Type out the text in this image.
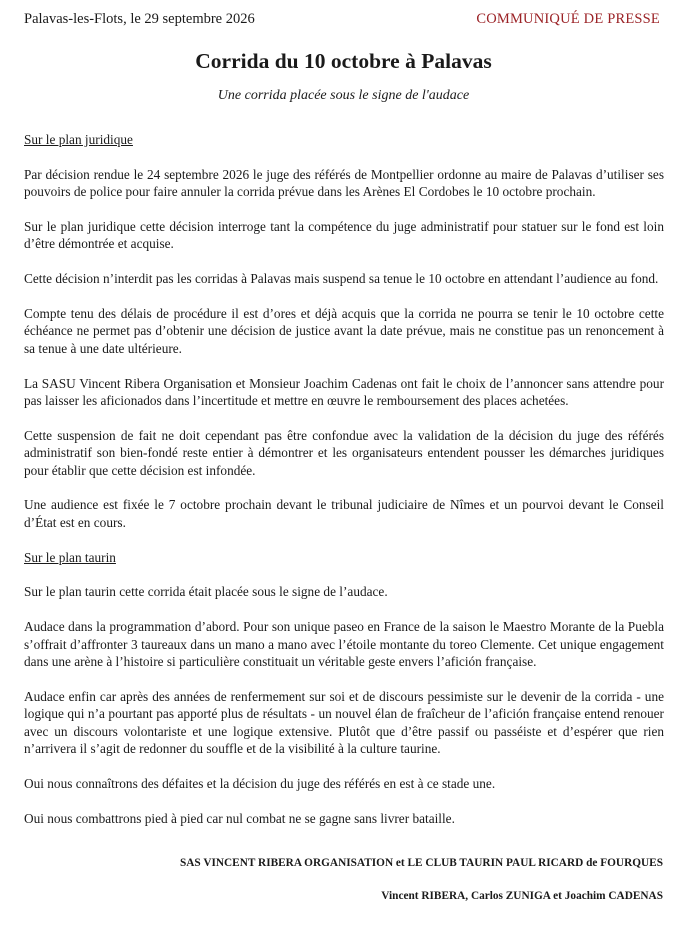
Palavas-les-Flots, le 29 septembre 2026	COMMUNIQUÉ DE PRESSE
Corrida du 10 octobre à Palavas
Une corrida placée sous le signe de l'audace

Sur le plan juridique

Par décision rendue le 24 septembre 2026 le juge des référés de Montpellier ordonne au maire de Palavas d’utiliser ses pouvoirs de police pour faire annuler la corrida prévue dans les Arènes El Cordobes le 10 octobre prochain.

Sur le plan juridique cette décision interroge tant la compétence du juge administratif pour statuer sur le fond est loin d’être démontrée et acquise.

Cette décision n’interdit pas les corridas à Palavas mais suspend sa tenue le 10 octobre en attendant l’audience au fond.

Compte tenu des délais de procédure il est d’ores et déjà acquis que la corrida ne pourra se tenir le 10 octobre cette échéance ne permet pas d’obtenir une décision de justice avant la date prévue, mais ne constitue pas un renoncement à sa tenue à une date ultérieure.

La SASU Vincent Ribera Organisation et Monsieur Joachim Cadenas ont fait le choix de l’annoncer sans attendre pour pas laisser les aficionados dans l’incertitude et mettre en œuvre le remboursement des places achetées.

Cette suspension de fait ne doit cependant pas être confondue avec la validation de la décision du juge des référés administratif son bien-fondé reste entier à démontrer et les organisateurs entendent pousser les démarches juridiques pour établir que cette décision est infondée.

Une audience est fixée le 7 octobre prochain devant le tribunal judiciaire de Nîmes et un pourvoi devant le Conseil d’État est en cours.

Sur le plan taurin

Sur le plan taurin cette corrida était placée sous le signe de l’audace.

Audace dans la programmation d’abord. Pour son unique paseo en France de la saison le Maestro Morante de la Puebla s’offrait d’affronter 3 taureaux dans un mano a mano avec l’étoile montante du toreo Clemente. Cet unique engagement dans une arène à l’histoire si particulière constituait un véritable geste envers l’afición française.

Audace enfin car après des années de renfermement sur soi et de discours pessimiste sur le devenir de la corrida - une logique qui n’a pourtant pas apporté plus de résultats - un nouvel élan de fraîcheur de l’afición française entend renouer avec un discours volontariste et une logique extensive. Plutôt que d’être passif ou passéiste et d’espérer que rien n’arrivera il s’agit de redonner du souffle et de la visibilité à la culture taurine.

Oui nous connaîtrons des défaites et la décision du juge des référés en est à ce stade une.

Oui nous combattrons pied à pied car nul combat ne se gagne sans livrer bataille.

SAS VINCENT RIBERA ORGANISATION et LE CLUB TAURIN PAUL RICARD de FOURQUES
Vincent RIBERA, Carlos ZUNIGA et Joachim CADENAS
